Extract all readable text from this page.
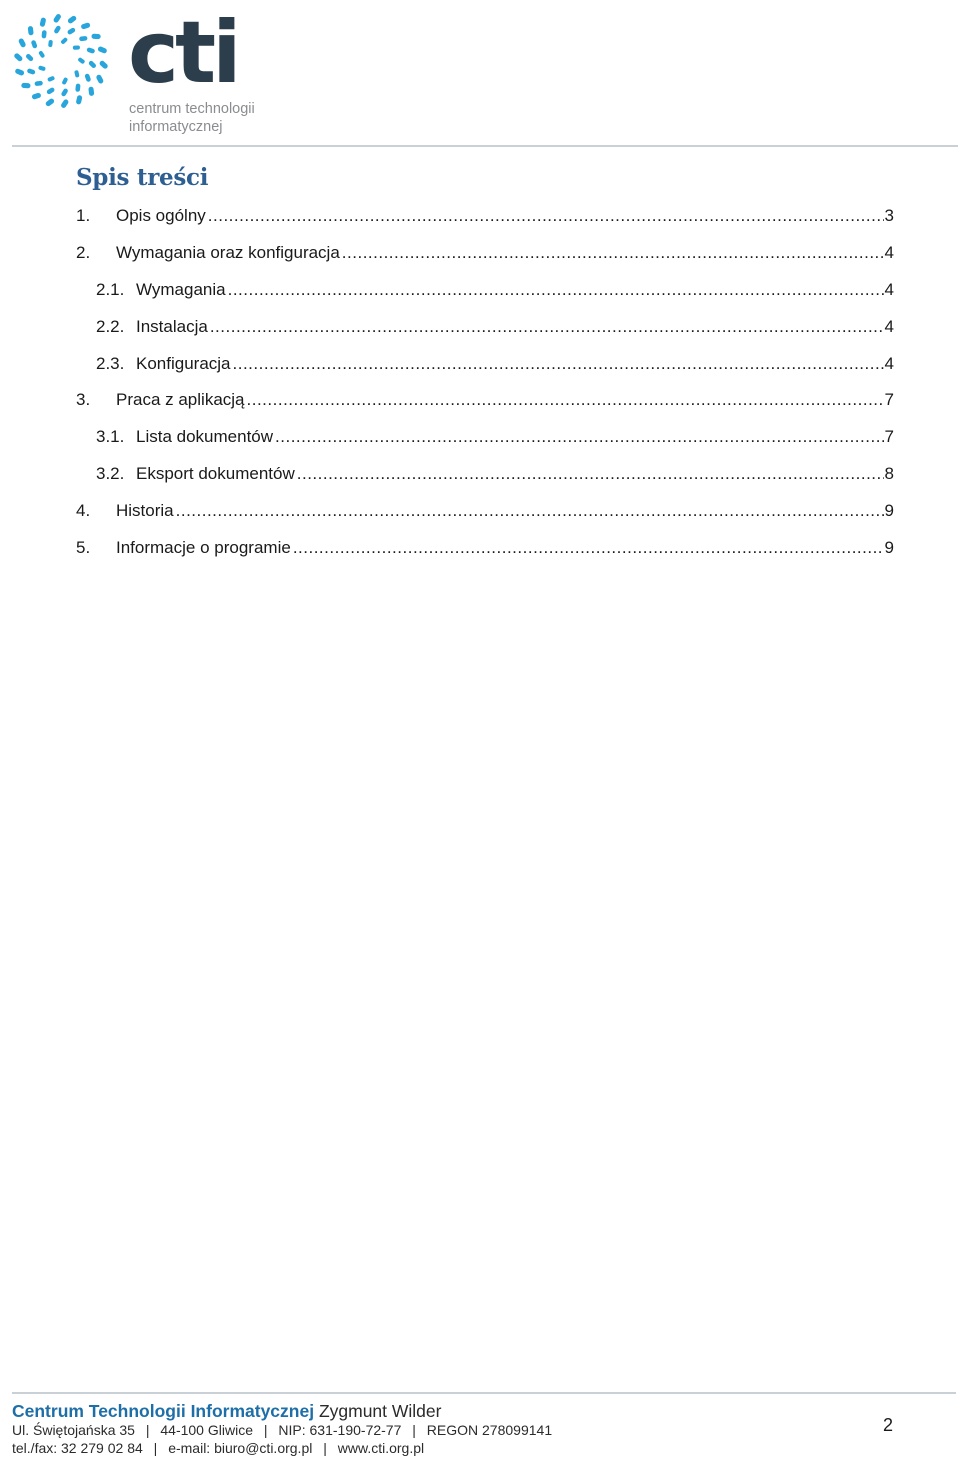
cti
centrum technologii
informatycznej
Spis treści
1.	Opis ogólny .....	3
2.	Wymagania oraz konfiguracja .....	4
2.1. Wymagania .....	4
2.2. Instalacja .....	4
2.3. Konfiguracja .....	4
3.	Praca z aplikacją .....	7
3.1. Lista dokumentów .....	7
3.2. Eksport dokumentów .....	8
4.	Historia .....	9
5.	Informacje o programie .....	9
Centrum Technologii Informatycznej Zygmunt Wilder
Ul. Świętojańska 35 | 44-100 Gliwice | NIP: 631-190-72-77 | REGON 278099141
tel./fax: 32 279 02 84 | e-mail: biuro@cti.org.pl | www.cti.org.pl
2
